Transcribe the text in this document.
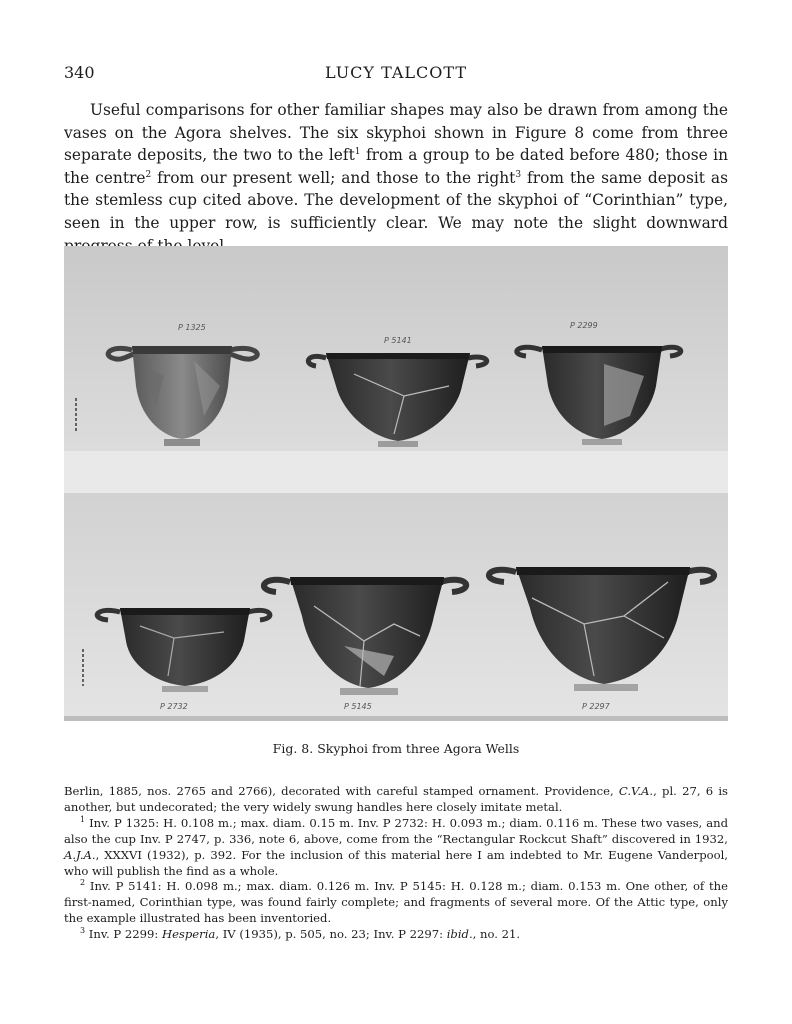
340	LUCY TALCOTT

Useful comparisons for other familiar shapes may also be drawn from among the vases on the Agora shelves. The six skyphoi shown in Figure 8 come from three separate deposits, the two to the left$^1$ from a group to be dated before 480; those in the centre$^2$ from our present well; and those to the right$^3$ from the same deposit as the stemless cup cited above. The development of the skyphoi of “Corinthian” type, seen in the upper row, is sufficiently clear. We may note the slight downward

P 1325
P 5141
P 2299
P 2732	P 5145	P 2297
Fig. 8. Skyphoi from three Agora Wells

Berlin, 1885, nos. 2765 and 2766), decorated with careful stamped ornament. Providence, C.V.A., pl. 27, 6 is another, but undecorated; the very widely swung handles here closely imitate metal.

$^1$ Inv. P 1325: H. 0.108 m.; max. diam. 0.15 m. Inv. P 2732: H. 0.093 m.; diam. 0.116 m. These two vases, and also the cup Inv. P 2747, p. 336, note 6, above, come from the “Rectangular Rockcut Shaft” discovered in 1932, A.J.A., XXXVI (1932), p. 392. For the inclusion of this material here I am indebted to Mr. Eugene Vanderpool, who will publish the find as a whole.

$^2$ Inv. P 5141: H. 0.098 m.; max. diam. 0.126 m. Inv. P 5145: H. 0.128 m.; diam. 0.153 m. One other, of the first-named, Corinthian type, was found fairly complete; and fragments of several more. Of the Attic type, only the example illustrated has been inventoried.

$^3$ Inv. P 2299: Hesperia, IV (1935), p. 505, no. 23; Inv. P 2297: ibid., no. 21.
